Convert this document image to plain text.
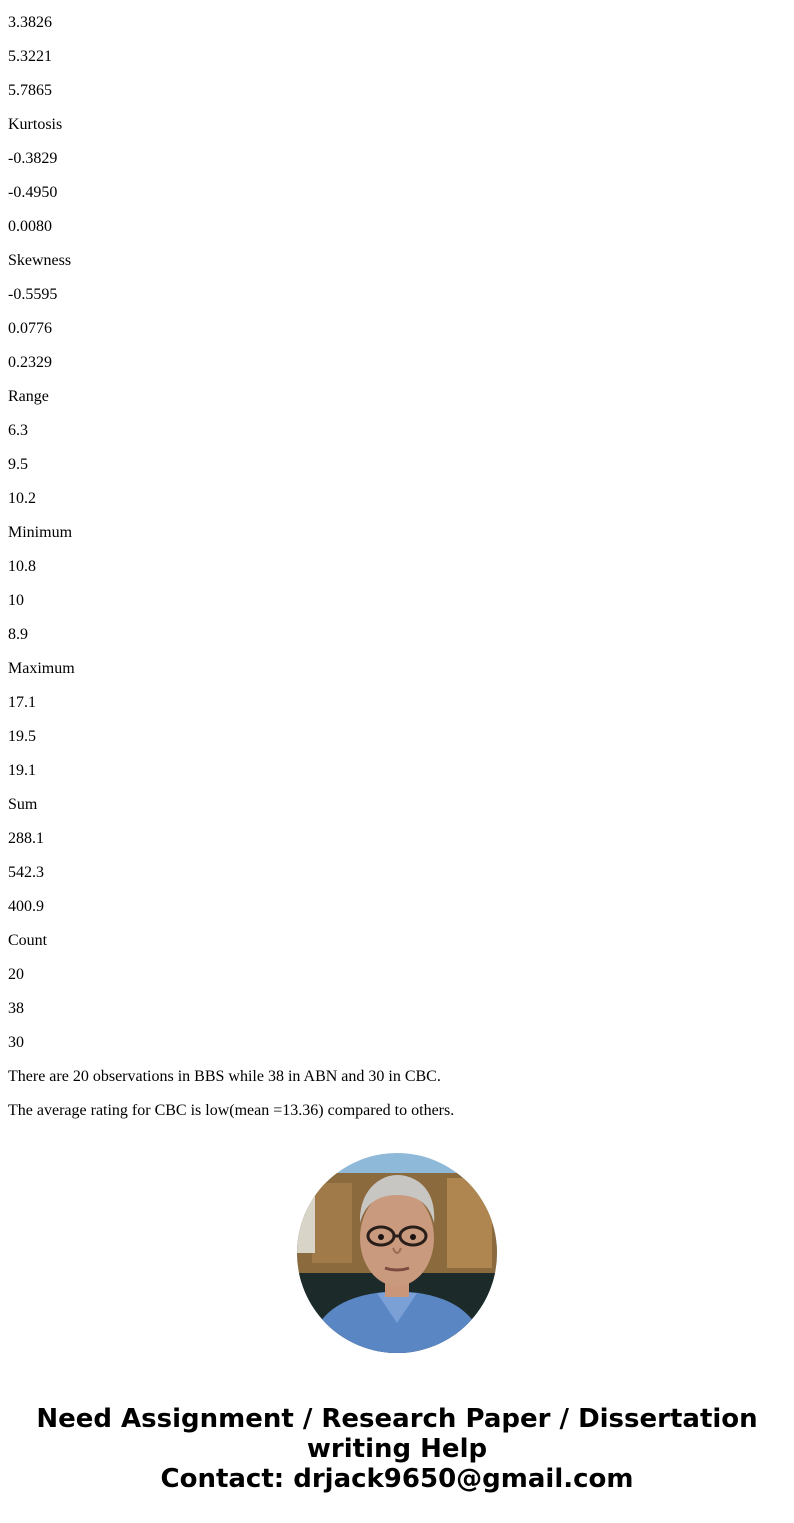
3.3826

5.3221

5.7865

Kurtosis

-0.3829

-0.4950

0.0080

Skewness

-0.5595

0.0776

0.2329

Range

6.3

9.5

10.2

Minimum

10.8

10

8.9

Maximum

17.1

19.5

19.1

Sum

288.1

542.3

400.9

Count

20

38

30

There are 20 observations in BBS while 38 in ABN and 30 in CBC.

The average rating for CBC is low(mean =13.36) compared to others.

Need Assignment / Research Paper / Dissertation
writing Help
Contact: drjack9650@gmail.com
